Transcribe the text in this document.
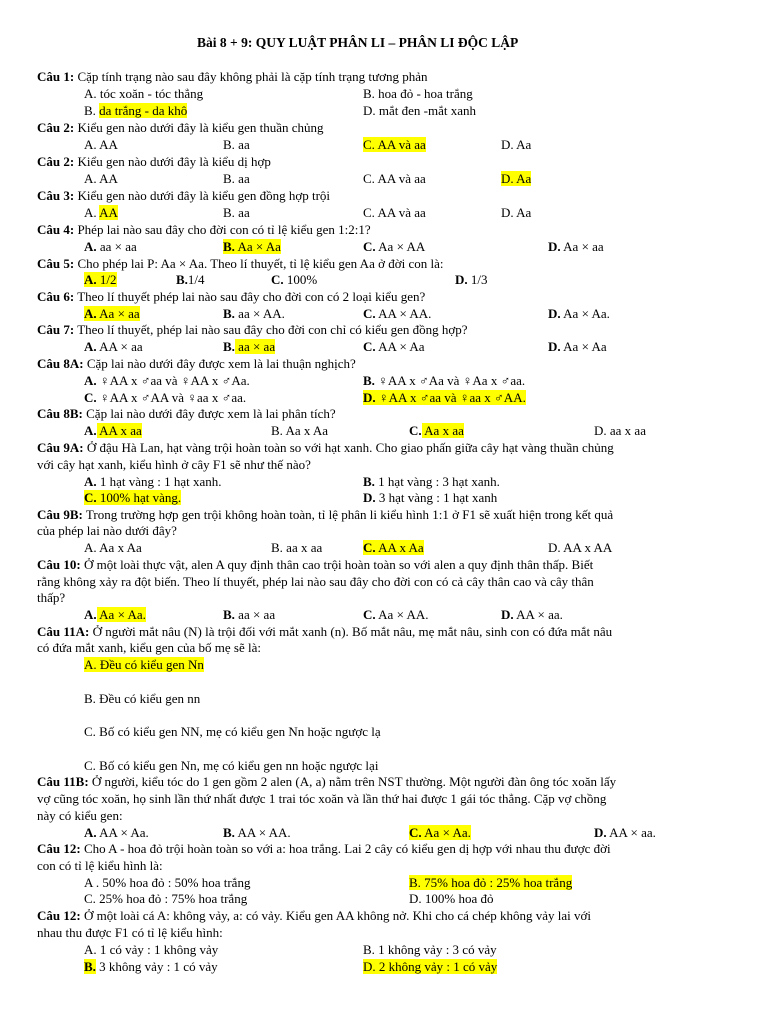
Bài 8 + 9: QUY LUẬT PHÂN LI – PHÂN LI ĐỘC LẬP
Câu 1: Cặp tính trạng nào sau đây không phải là cặp tính trạng tương phản
A. tóc xoăn - tóc thẳng	B. hoa đỏ - hoa trắng
B. da trắng - da khô	D. mắt đen -mắt xanh
Câu 2: Kiểu gen nào dưới đây là kiểu gen thuần chủng
A. AA	B. aa	C. AA và aa	D. Aa
Câu 2: Kiểu gen nào dưới đây là kiểu dị hợp
A. AA	B. aa	C. AA và aa	D. Aa
Câu 3: Kiểu gen nào dưới đây là kiểu gen đồng hợp trội
A. AA	B. aa	C. AA và aa	D. Aa
Câu 4: Phép lai nào sau đây cho đời con có tỉ lệ kiểu gen 1:2:1?
A. aa × aa	B. Aa × Aa	C. Aa × AA	D. Aa × aa
Câu 5: Cho phép lai P: Aa × Aa. Theo lí thuyết, tỉ lệ kiểu gen Aa ở đời con là:
A. 1/2	B.1/4	C. 100%	D. 1/3
Câu 6: Theo lí thuyết phép lai nào sau đây cho đời con có 2 loại kiểu gen?
A. Aa × aa	B. aa × AA.	C. AA × AA.	D. Aa × Aa.
Câu 7: Theo lí thuyết, phép lai nào sau đây cho đời con chỉ có kiểu gen đồng hợp?
A. AA × aa	B. aa × aa	C. AA × Aa	D. Aa × Aa
Câu 8A: Cặp lai nào dưới đây được xem là lai thuận nghịch?
A. ♀AA x ♂aa và ♀AA x ♂Aa.	B. ♀AA x ♂Aa và ♀Aa x ♂aa.
C. ♀AA x ♂AA và ♀aa x ♂aa.	D. ♀AA x ♂aa và ♀aa x ♂AA.
Câu 8B: Cặp lai nào dưới đây được xem là lai phân tích?
A. AA x aa	B. Aa x Aa	C. Aa x aa	D. aa x aa
Câu 9A: Ở đậu Hà Lan, hạt vàng trội hoàn toàn so với hạt xanh. Cho giao phấn giữa cây hạt vàng thuần chủng
với cây hạt xanh, kiểu hình ở cây F1 sẽ như thế nào?
A. 1 hạt vàng : 1 hạt xanh.	B. 1 hạt vàng : 3 hạt xanh.
C. 100% hạt vàng.	D. 3 hạt vàng : 1 hạt xanh
Câu 9B: Trong trường hợp gen trội không hoàn toàn, tỉ lệ phân li kiểu hình 1:1 ở F1 sẽ xuất hiện trong kết quả
của phép lai nào dưới đây?
A. Aa x Aa	B. aa x aa	C. AA x Aa	D. AA x AA
Câu 10: Ở một loài thực vật, alen A quy định thân cao trội hoàn toàn so với alen a quy định thân thấp. Biết
rằng không xảy ra đột biến. Theo lí thuyết, phép lai nào sau đây cho đời con có cả cây thân cao và cây thân
thấp?
A. Aa × Aa.	B. aa × aa	C. Aa × AA.	D. AA × aa.
Câu 11A: Ở người mắt nâu (N) là trội đối với mắt xanh (n). Bố mắt nâu, mẹ mắt nâu, sinh con có đứa mắt nâu
có đứa mắt xanh, kiểu gen của bố mẹ sẽ là:
A. Đều có kiểu gen Nn
B. Đều có kiểu gen nn
C. Bố có kiểu gen NN, mẹ có kiểu gen Nn hoặc ngược lạ
C. Bố có kiểu gen Nn, mẹ có kiểu gen nn hoặc ngược lại
Câu 11B: Ở người, kiểu tóc do 1 gen gồm 2 alen (A, a) nằm trên NST thường. Một người đàn ông tóc xoăn lấy
vợ cũng tóc xoăn, họ sinh lần thứ nhất được 1 trai tóc xoăn và lần thứ hai được 1 gái tóc thẳng. Cặp vợ chồng
này có kiểu gen:
A. AA × Aa.	B. AA × AA.	C. Aa × Aa.	D. AA × aa.
Câu 12: Cho A - hoa đỏ trội hoàn toàn so với a: hoa trắng. Lai 2 cây có kiểu gen dị hợp với nhau thu được đời
con có tỉ lệ kiểu hình là:
A . 50% hoa đỏ : 50% hoa trắng	B. 75% hoa đỏ : 25% hoa trắng
C. 25% hoa đỏ : 75% hoa trắng	D. 100% hoa đỏ
Câu 12: Ở một loài cá A: không vảy, a: có vảy. Kiểu gen AA không nở. Khi cho cá chép không vảy lai với
nhau thu được F1 có tỉ lệ kiểu hình:
A. 1 có vảy : 1 không vảy	B. 1 không vảy : 3 có vảy
B. 3 không vảy : 1 có vảy	D. 2 không vảy : 1 có vảy
